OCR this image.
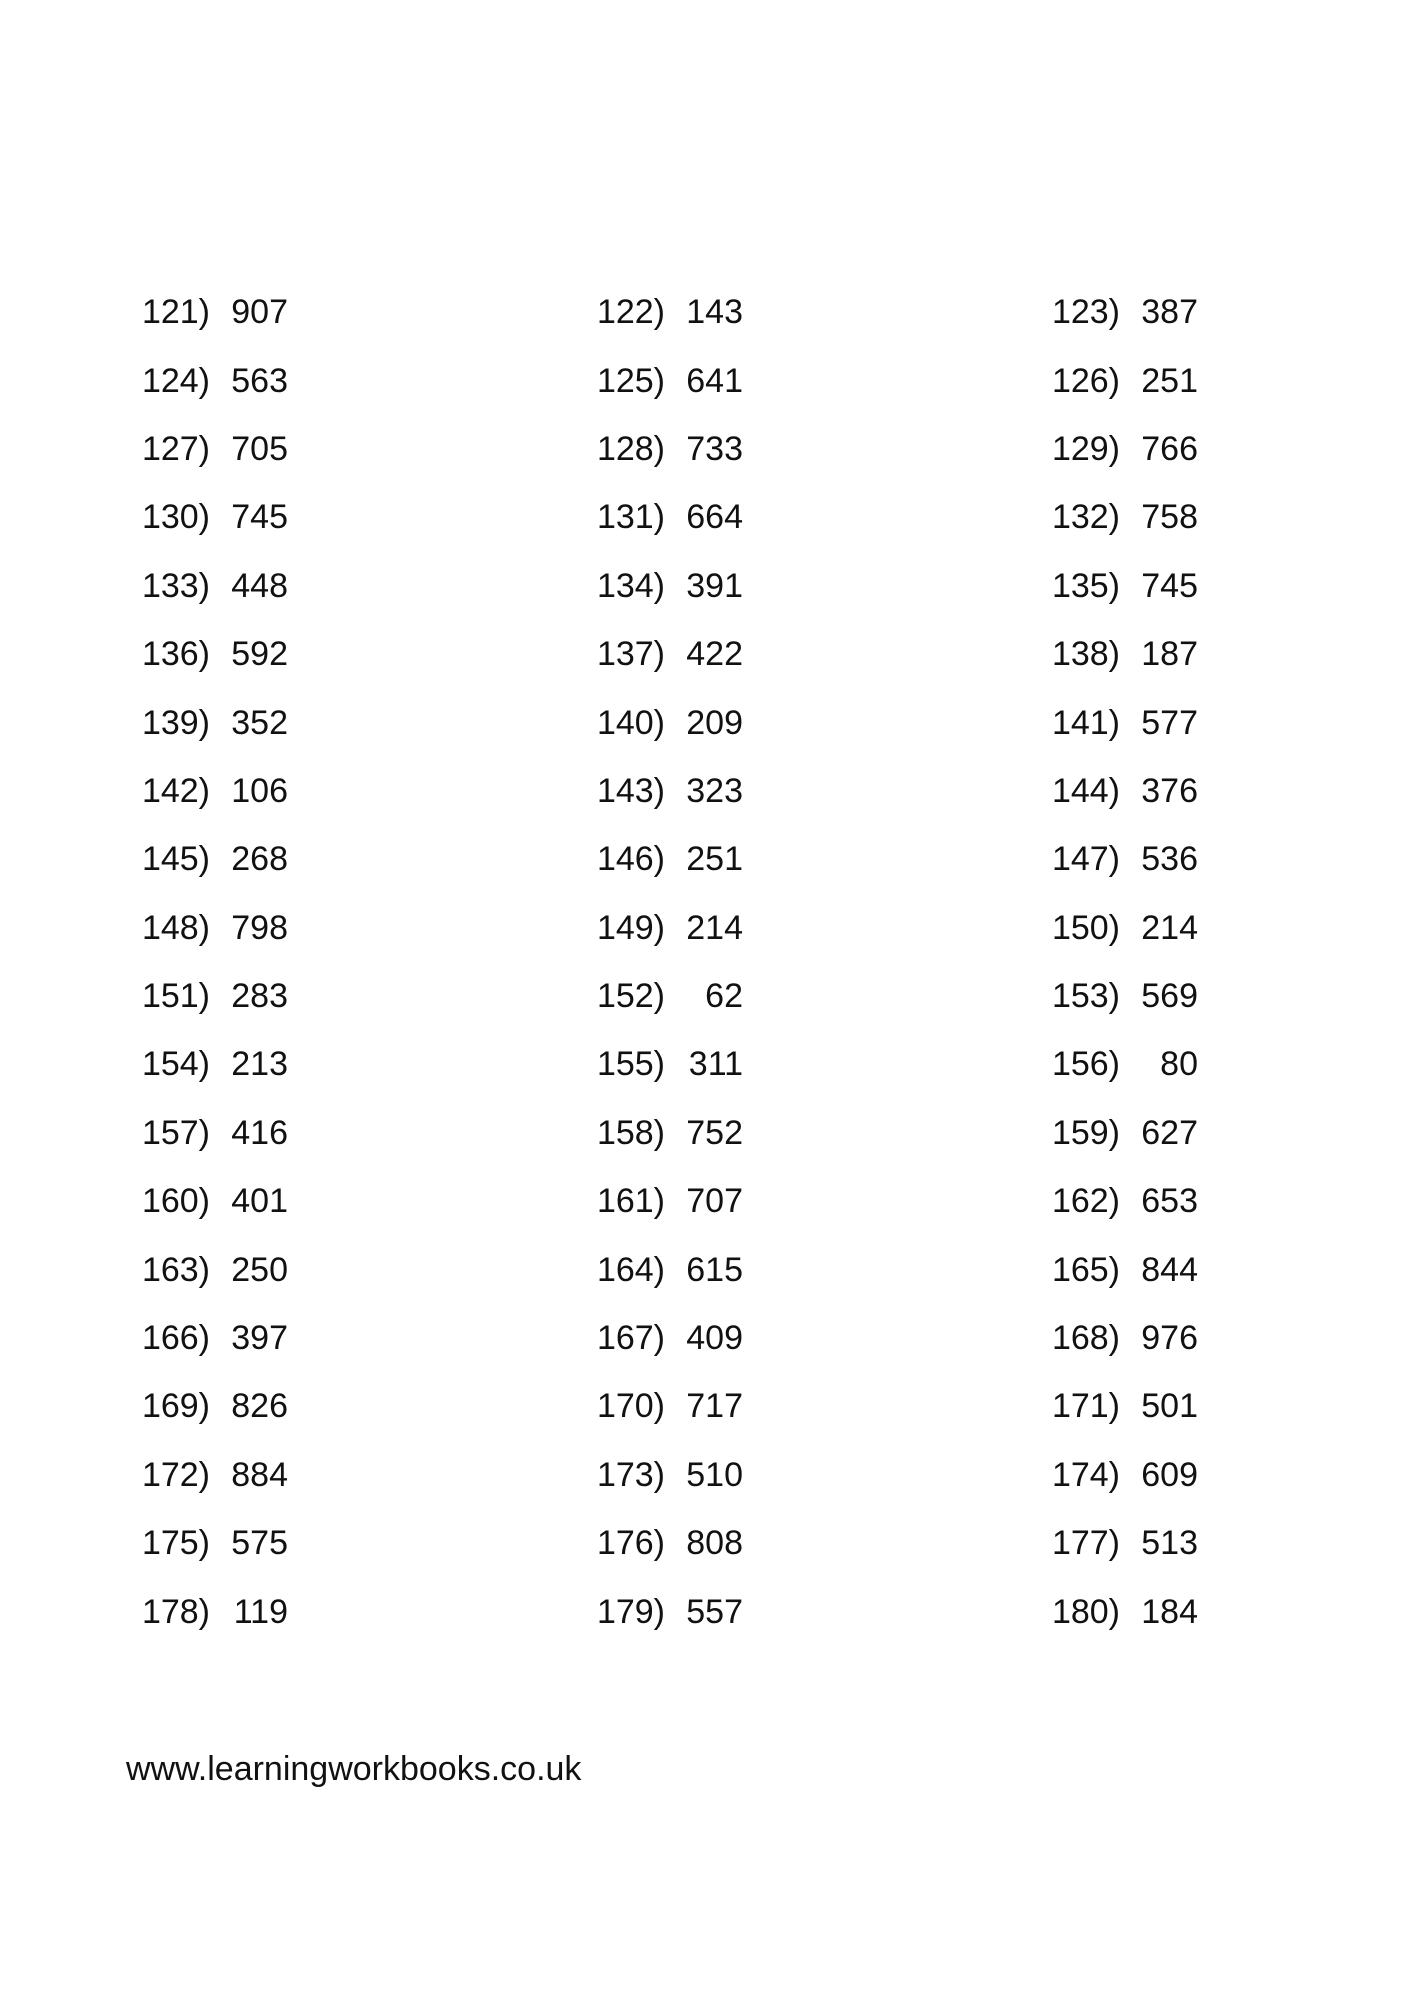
121) 907
124) 563
127) 705
130) 745
133) 448
136) 592
139) 352
142) 106
145) 268
148) 798
151) 283
154) 213
157) 416
160) 401
163) 250
166) 397
169) 826
172) 884
175) 575
178) 119
122) 143
125) 641
128) 733
131) 664
134) 391
137) 422
140) 209
143) 323
146) 251
149) 214
152)	62
155) 311
158) 752
161) 707
164) 615
167) 409
170) 717
173) 510
176) 808
179) 557
123) 387
126) 251
129) 766
132) 758
135) 745
138) 187
141) 577
144) 376
147) 536
150) 214
153) 569
156)	80
159) 627
162) 653
165) 844
168) 976
171) 501
174) 609
177) 513
180) 184
www.learningworkbooks.co.uk
